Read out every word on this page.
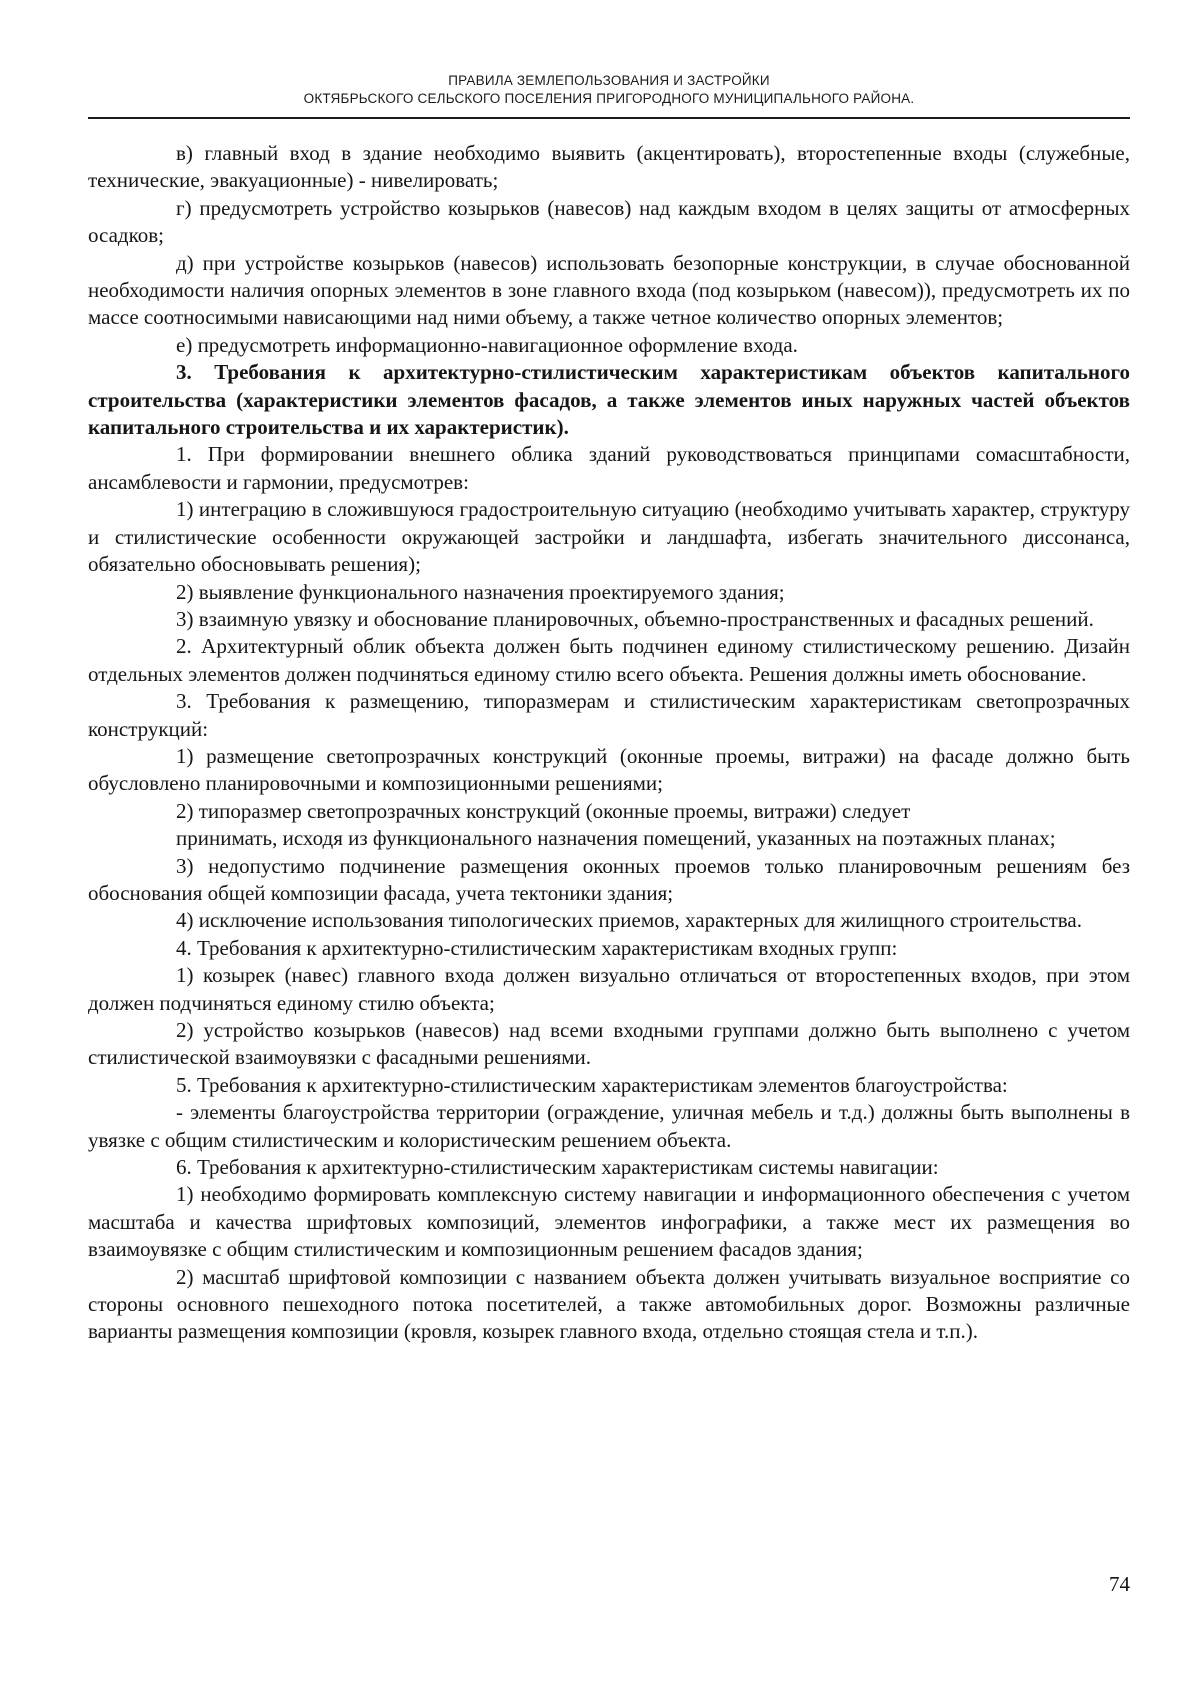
ПРАВИЛА ЗЕМЛЕПОЛЬЗОВАНИЯ И ЗАСТРОЙКИ
ОКТЯБРЬСКОГО СЕЛЬСКОГО ПОСЕЛЕНИЯ ПРИГОРОДНОГО МУНИЦИПАЛЬНОГО РАЙОНА.

в) главный вход в здание необходимо выявить (акцентировать), второстепенные входы (служебные, технические, эвакуационные) - нивелировать;

г) предусмотреть устройство козырьков (навесов) над каждым входом в целях защиты от атмосферных осадков;

д) при устройстве козырьков (навесов) использовать безопорные конструкции, в случае обоснованной необходимости наличия опорных элементов в зоне главного входа (под козырьком (навесом)), предусмотреть их по массе соотносимыми нависающими над ними объему, а также четное количество опорных элементов;

е) предусмотреть информационно-навигационное оформление входа.

3. Требования к архитектурно-стилистическим характеристикам объектов капитального строительства (характеристики элементов фасадов, а также элементов иных наружных частей объектов капитального строительства и их характеристик).

1. При формировании внешнего облика зданий руководствоваться принципами сомасштабности, ансамблевости и гармонии, предусмотрев:

1) интеграцию в сложившуюся градостроительную ситуацию (необходимо учитывать характер, структуру и стилистические особенности окружающей застройки и ландшафта, избегать значительного диссонанса, обязательно обосновывать решения);

2) выявление функционального назначения проектируемого здания;

3) взаимную увязку и обоснование планировочных, объемно-пространственных и фасадных решений.

2. Архитектурный облик объекта должен быть подчинен единому стилистическому решению. Дизайн отдельных элементов должен подчиняться единому стилю всего объекта. Решения должны иметь обоснование.

3. Требования к размещению, типоразмерам и стилистическим характеристикам светопрозрачных конструкций:

1) размещение светопрозрачных конструкций (оконные проемы, витражи) на фасаде должно быть обусловлено планировочными и композиционными решениями;

2) типоразмер светопрозрачных конструкций (оконные проемы, витражи) следует

принимать, исходя из функционального назначения помещений, указанных на поэтажных планах;

3) недопустимо подчинение размещения оконных проемов только планировочным решениям без обоснования общей композиции фасада, учета тектоники здания;

4) исключение использования типологических приемов, характерных для жилищного строительства.

4. Требования к архитектурно-стилистическим характеристикам входных групп:

1) козырек (навес) главного входа должен визуально отличаться от второстепенных входов, при этом должен подчиняться единому стилю объекта;

2) устройство козырьков (навесов) над всеми входными группами должно быть выполнено с учетом стилистической взаимоувязки с фасадными решениями.

5. Требования к архитектурно-стилистическим характеристикам элементов благоустройства:

- элементы благоустройства территории (ограждение, уличная мебель и т.д.) должны быть выполнены в увязке с общим стилистическим и колористическим решением объекта.

6. Требования к архитектурно-стилистическим характеристикам системы навигации:

1) необходимо формировать комплексную систему навигации и информационного обеспечения с учетом масштаба и качества шрифтовых композиций, элементов инфографики, а также мест их размещения во взаимоувязке с общим стилистическим и композиционным решением фасадов здания;

2) масштаб шрифтовой композиции с названием объекта должен учитывать визуальное восприятие со стороны основного пешеходного потока посетителей, а также автомобильных дорог. Возможны различные варианты размещения композиции (кровля, козырек главного входа, отдельно стоящая стела и т.п.).

74
